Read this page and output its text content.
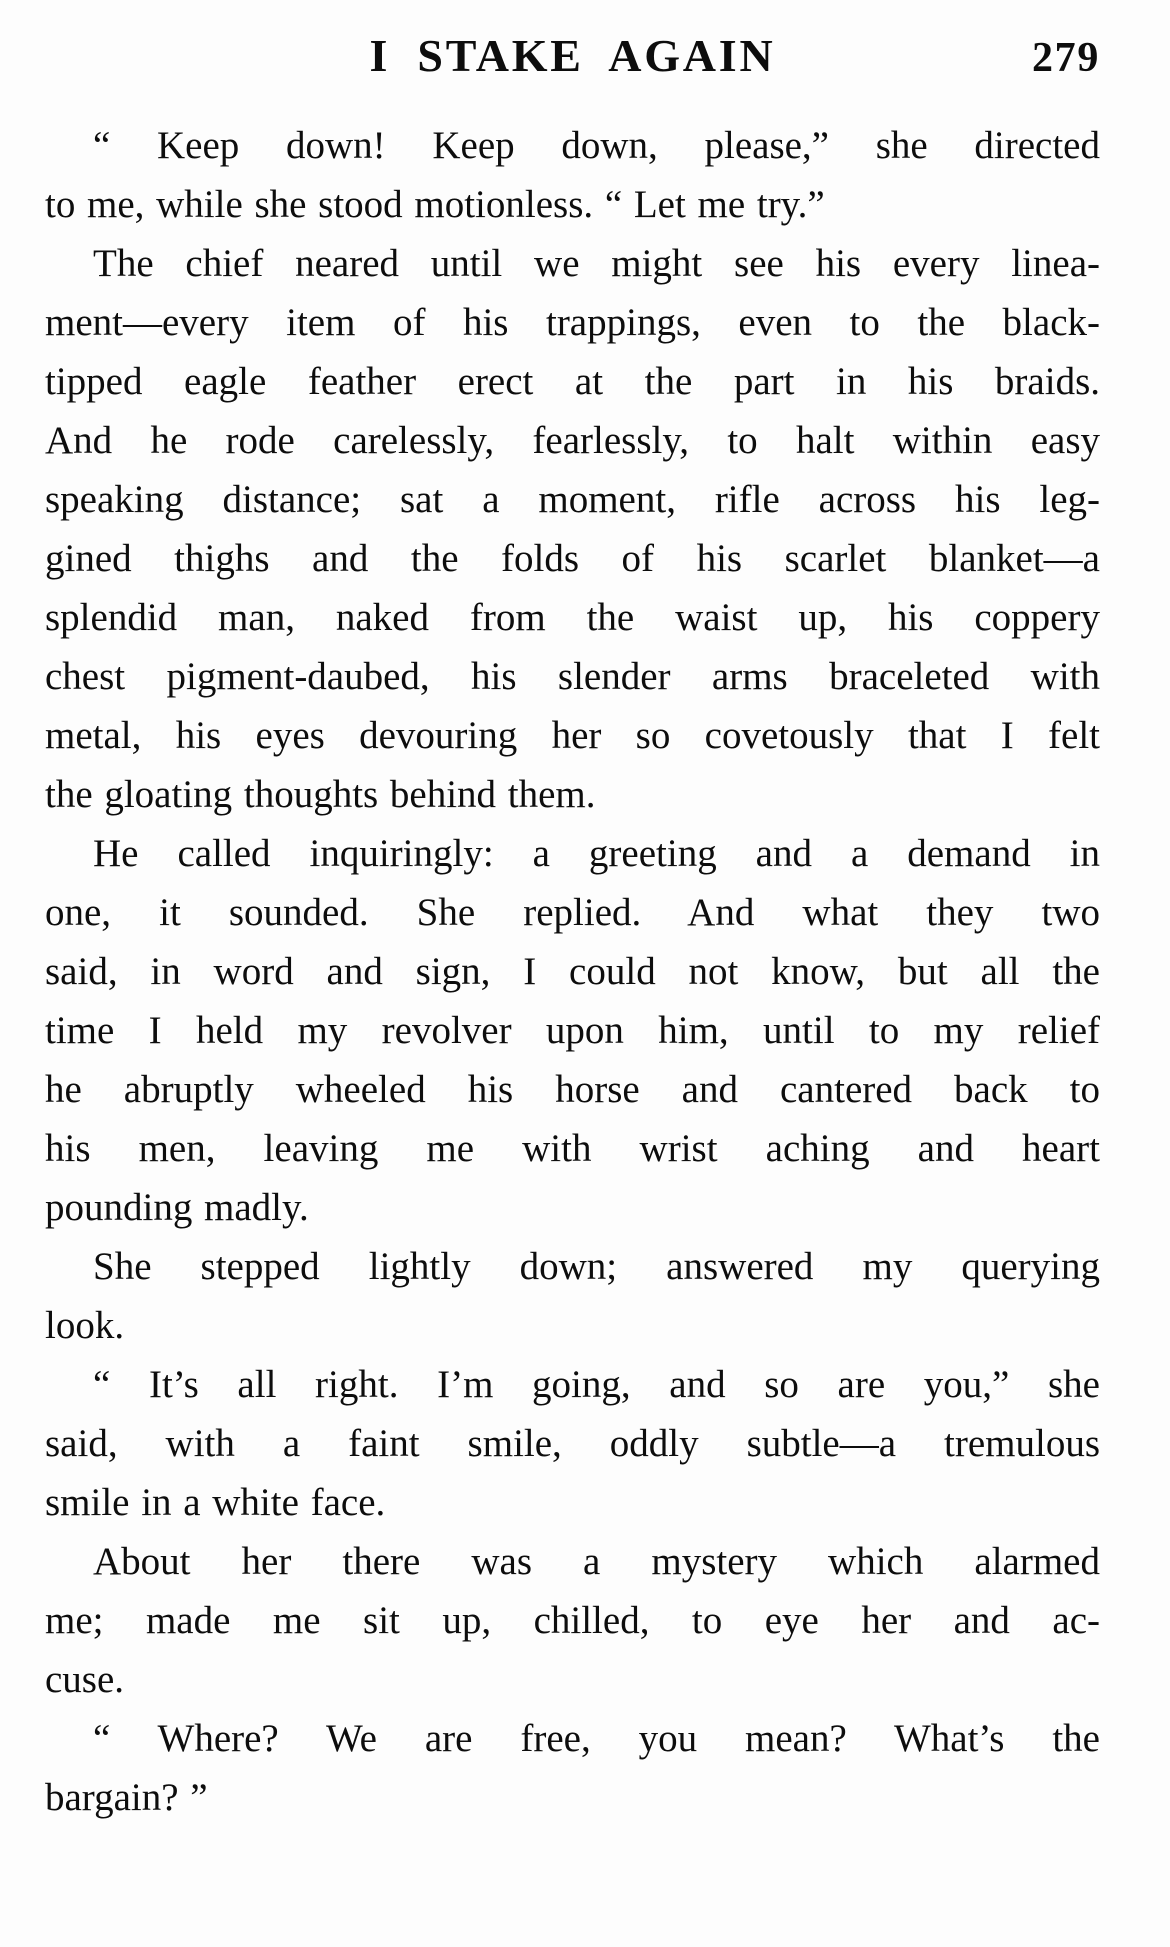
I STAKE AGAIN	279
“ Keep down! Keep down, please,” she directed
to me, while she stood motionless. “ Let me try.”
The chief neared until we might see his every linea-
ment—every item of his trappings, even to the black-
tipped eagle feather erect at the part in his braids.
And he rode carelessly, fearlessly, to halt within easy
speaking distance; sat a moment, rifle across his leg-
gined thighs and the folds of his scarlet blanket—a
splendid man, naked from the waist up, his coppery
chest pigment-daubed, his slender arms braceleted with
metal, his eyes devouring her so covetously that I felt
the gloating thoughts behind them.
He called inquiringly: a greeting and a demand in
one, it sounded. She replied. And what they two
said, in word and sign, I could not know, but all the
time I held my revolver upon him, until to my relief
he abruptly wheeled his horse and cantered back to
his men, leaving me with wrist aching and heart
pounding madly.
She stepped lightly down; answered my querying
look.
“ It’s all right. I’m going, and so are you,” she
said, with a faint smile, oddly subtle—a tremulous
smile in a white face.
About her there was a mystery which alarmed
me; made me sit up, chilled, to eye her and ac-
cuse.
“ Where? We are free, you mean? What’s the
bargain? ”
